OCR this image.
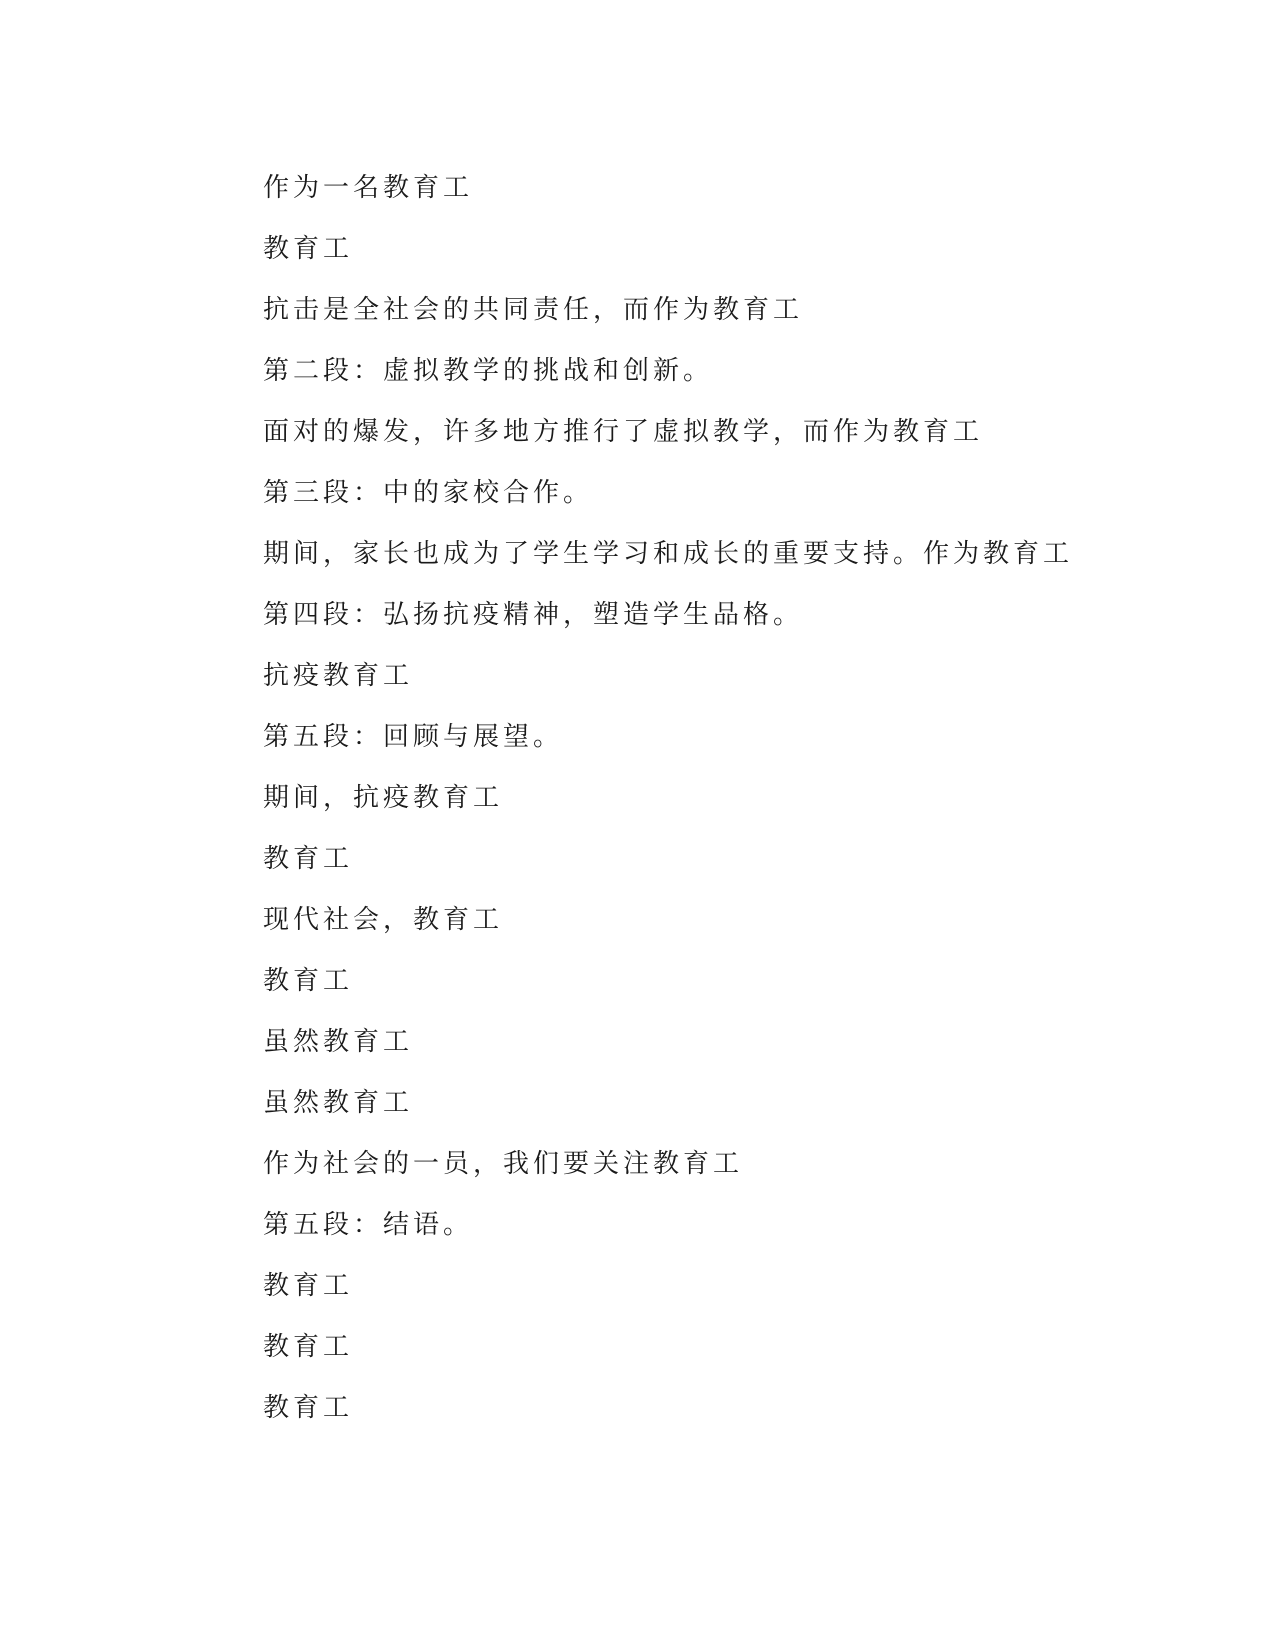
作为一名教育工
教育工
抗击是全社会的共同责任，而作为教育工
第二段：虚拟教学的挑战和创新。
面对的爆发，许多地方推行了虚拟教学，而作为教育工
第三段：中的家校合作。
期间，家长也成为了学生学习和成长的重要支持。作为教育工
第四段：弘扬抗疫精神，塑造学生品格。
抗疫教育工
第五段：回顾与展望。
期间，抗疫教育工
教育工
现代社会，教育工
教育工
虽然教育工
虽然教育工
作为社会的一员，我们要关注教育工
第五段：结语。
教育工
教育工
教育工
